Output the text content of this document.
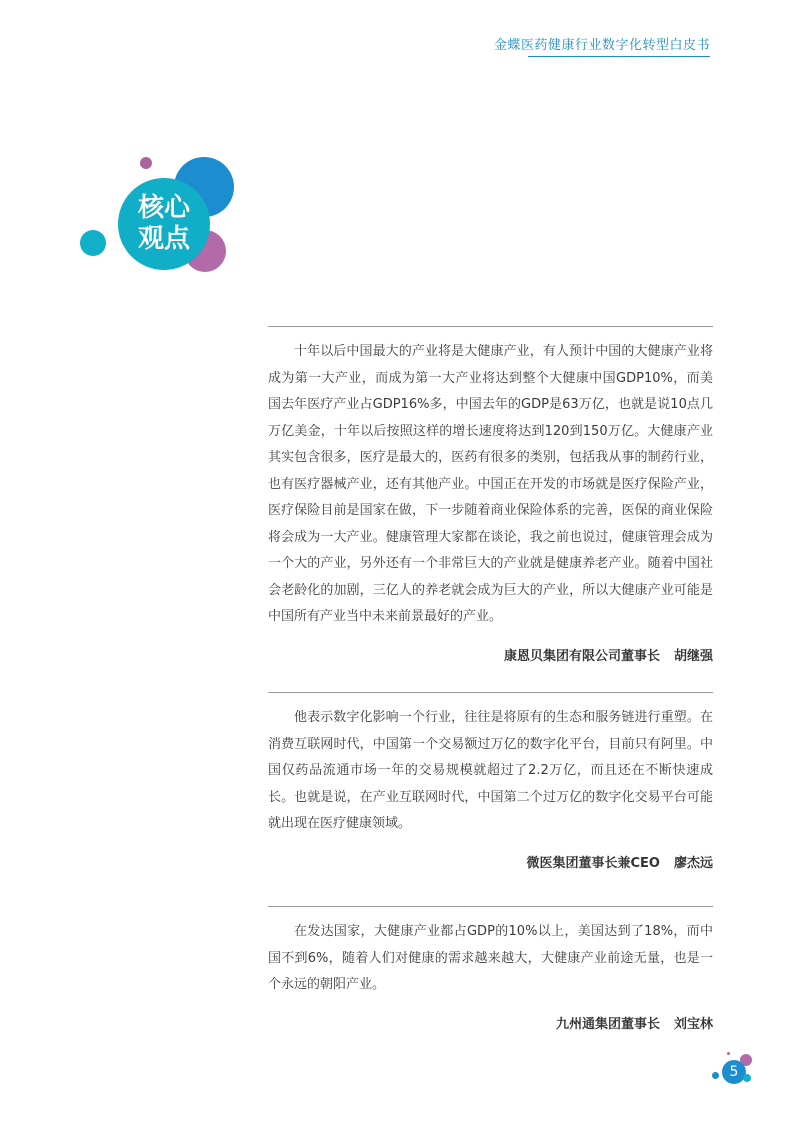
金蝶医药健康行业数字化转型白皮书
核心
观点

十年以后中国最大的产业将是大健康产业，有人预计中国的大健康产业将成为第一大产业，而成为第一大产业将达到整个大健康中国GDP10%，而美国去年医疗产业占GDP16%多，中国去年的GDP是63万亿，也就是说10点几万亿美金，十年以后按照这样的增长速度将达到120到150万亿。大健康产业其实包含很多，医疗是最大的，医药有很多的类别，包括我从事的制药行业，也有医疗器械产业，还有其他产业。中国正在开发的市场就是医疗保险产业，医疗保险目前是国家在做，下一步随着商业保险体系的完善，医保的商业保险将会成为一大产业。健康管理大家都在谈论，我之前也说过，健康管理会成为一个大的产业，另外还有一个非常巨大的产业就是健康养老产业。随着中国社会老龄化的加剧，三亿人的养老就会成为巨大的产业，所以大健康产业可能是中国所有产业当中未来前景最好的产业。

康恩贝集团有限公司董事长 胡继强

他表示数字化影响一个行业，往往是将原有的生态和服务链进行重塑。在消费互联网时代，中国第一个交易额过万亿的数字化平台，目前只有阿里。中国仅药品流通市场一年的交易规模就超过了2.2万亿，而且还在不断快速成长。也就是说，在产业互联网时代，中国第二个过万亿的数字化交易平台可能就出现在医疗健康领域。

微医集团董事长兼CEO 廖杰远

在发达国家，大健康产业都占GDP的10%以上，美国达到了18%，而中国不到6%，随着人们对健康的需求越来越大，大健康产业前途无量，也是一个永远的朝阳产业。

九州通集团董事长 刘宝林
5
